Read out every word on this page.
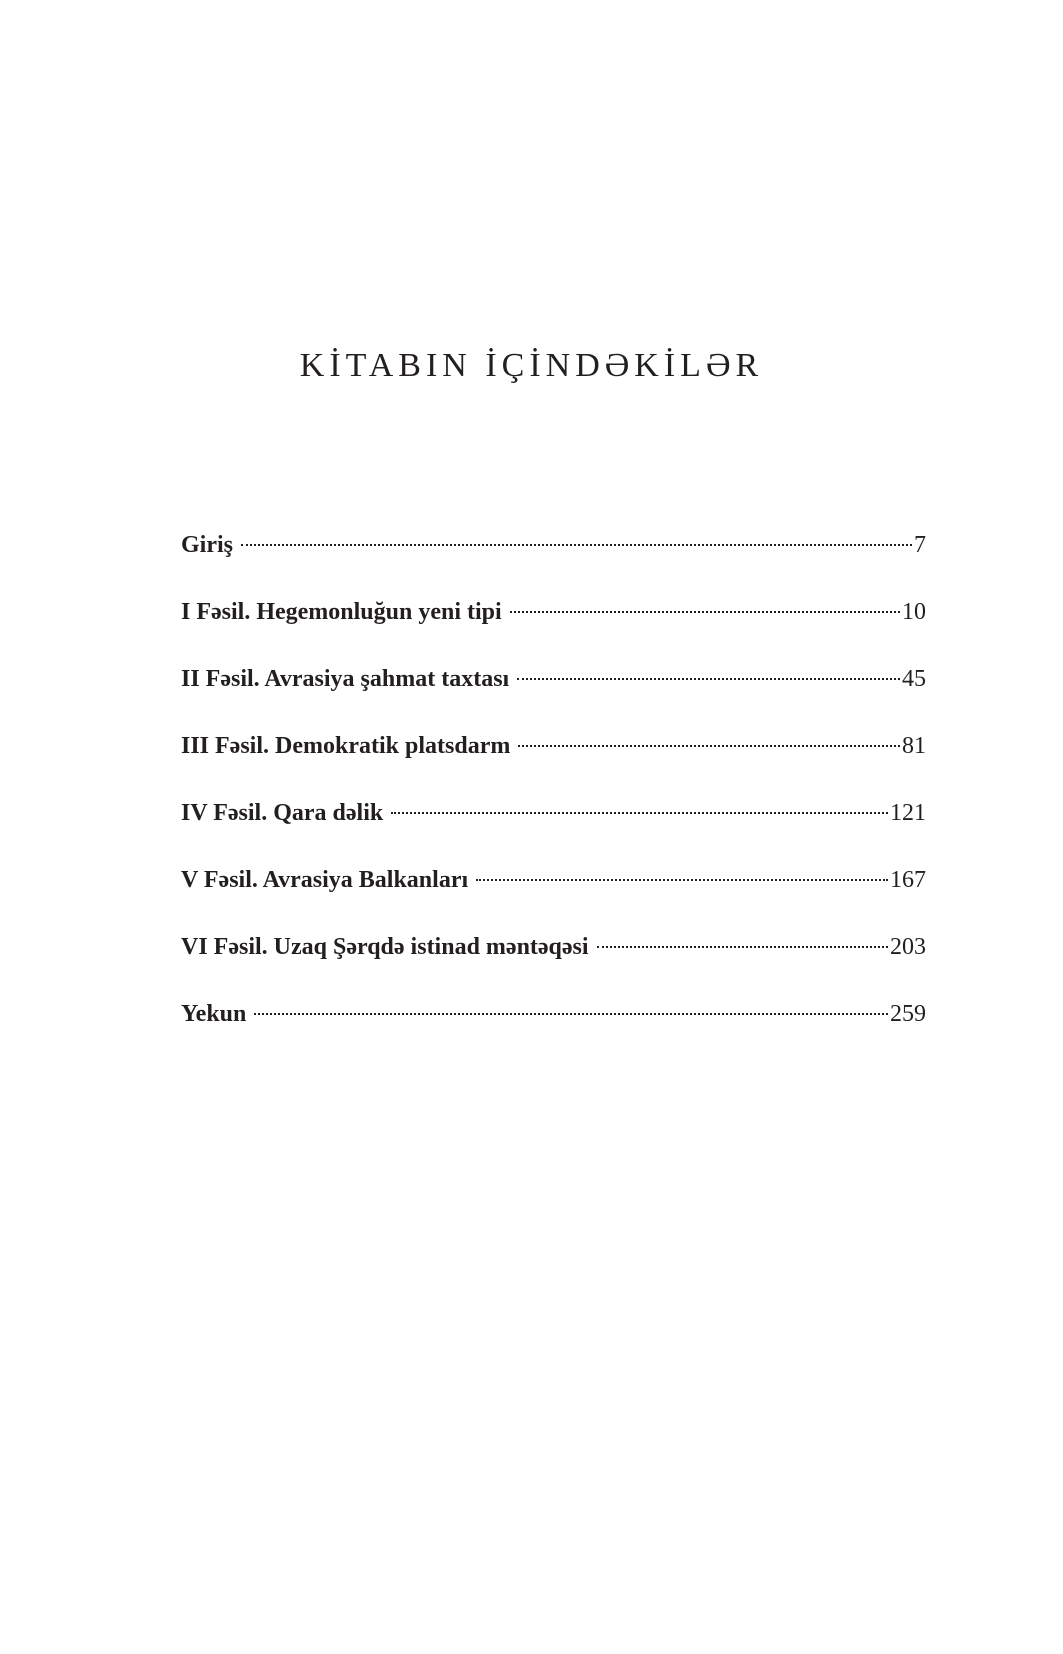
KİTABIN İÇİNDƏKİLƏR
Giriş	7
I Fəsil. Hegemonluğun yeni tipi	10
II Fəsil. Avrasiya şahmat taxtası	45
III Fəsil. Demokratik platsdarm	81
IV Fəsil. Qara dəlik	121
V Fəsil. Avrasiya Balkanları	167
VI Fəsil. Uzaq Şərqdə istinad məntəqəsi	203
Yekun	259
